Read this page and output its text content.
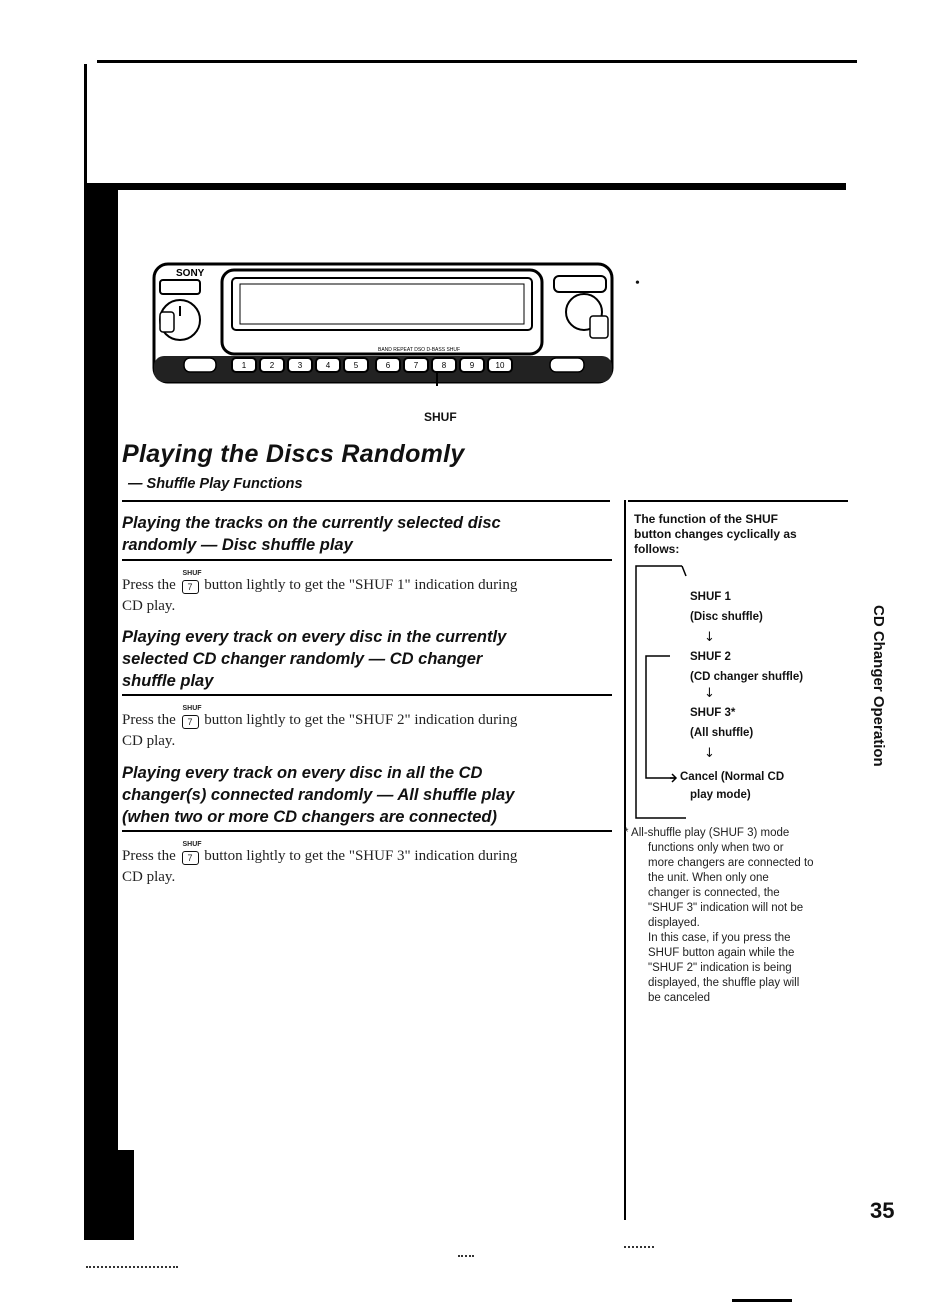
SONY
BAND REPEAT DSO D-BASS SHUF
1	2	3	4	5	6	7	8	9	10
SHUF
•
Playing the Discs Randomly
— Shuffle Play Functions
Playing the tracks on the currently selected disc
randomly — Disc shuffle play
Press the
SHUF
7 button lightly to get the "SHUF 1" indication during
CD play.
Playing every track on every disc in the currently
selected CD changer randomly — CD changer
shuffle play
Press the
SHUF
7 button lightly to get the "SHUF 2" indication during
CD play.
Playing every track on every disc in all the CD
changer(s) connected randomly — All shuffle play
(when two or more CD changers are connected)
Press the
SHUF
7 button lightly to get the "SHUF 3" indication during
CD play.
The function of the SHUF
button changes cyclically as
follows:
SHUF 1
(Disc shuffle)
↓
SHUF 2
(CD changer shuffle)
↓
SHUF 3*
(All shuffle)
↓
Cancel (Normal CD
play mode)
* All-shuffle play (SHUF 3) mode
functions only when two or
more changers are connected to
the unit. When only one
changer is connected, the
"SHUF 3" indication will not be
displayed.
In this case, if you press the
SHUF button again while the
"SHUF 2" indication is being
displayed, the shuffle play will
be canceled
CD Changer Operation
35
